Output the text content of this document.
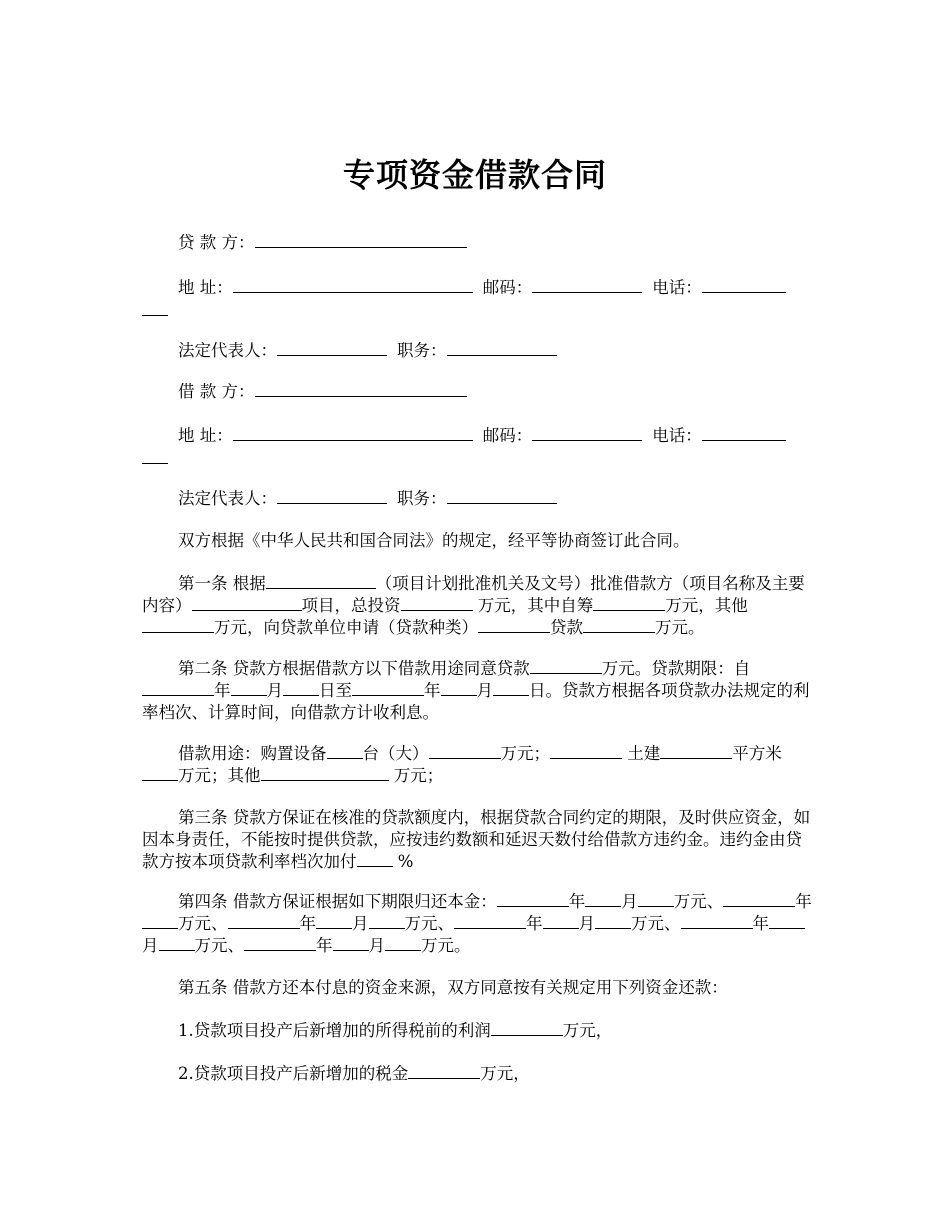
专项资金借款合同
贷 款 方：
地 址：	邮码：	电话：
法定代表人：	职务：
借 款 方：
地 址：	邮码：	电话：
法定代表人：	职务：
双方根据《中华人民共和国合同法》的规定，经平等协商签订此合同。
第一条 根据	（项目计划批准机关及文号）批准借款方（项目名称及主要内容）	项目，总投资	万元，其中自筹	万元，其他万元，向贷款单位申请（贷款种类）	贷款	万元。
第二条 贷款方根据借款方以下借款用途同意贷款	万元。贷款期限：自年 月 日至	年 月 日。贷款方根据各项贷款办法规定的利率档次、计算时间，向借款方计收利息。
借款用途：购置设备 台（大）	万元；	土建	平方米万元；其他	万元；
第三条 贷款方保证在核准的贷款额度内，根据贷款合同约定的期限，及时供应资金，如因本身责任，不能按时提供贷款，应按违约数额和延迟天数付给借款方违约金。违约金由贷款方按本项贷款利率档次加付 %
第四条 借款方保证根据如下期限归还本金：	年 月 万元、	年万元、	年 月 万元、	年 月 万元、	年月 万元、	年 月 万元。
第五条 借款方还本付息的资金来源，双方同意按有关规定用下列资金还款：
1.贷款项目投产后新增加的所得税前的利润	万元，
2.贷款项目投产后新增加的税金	万元，
